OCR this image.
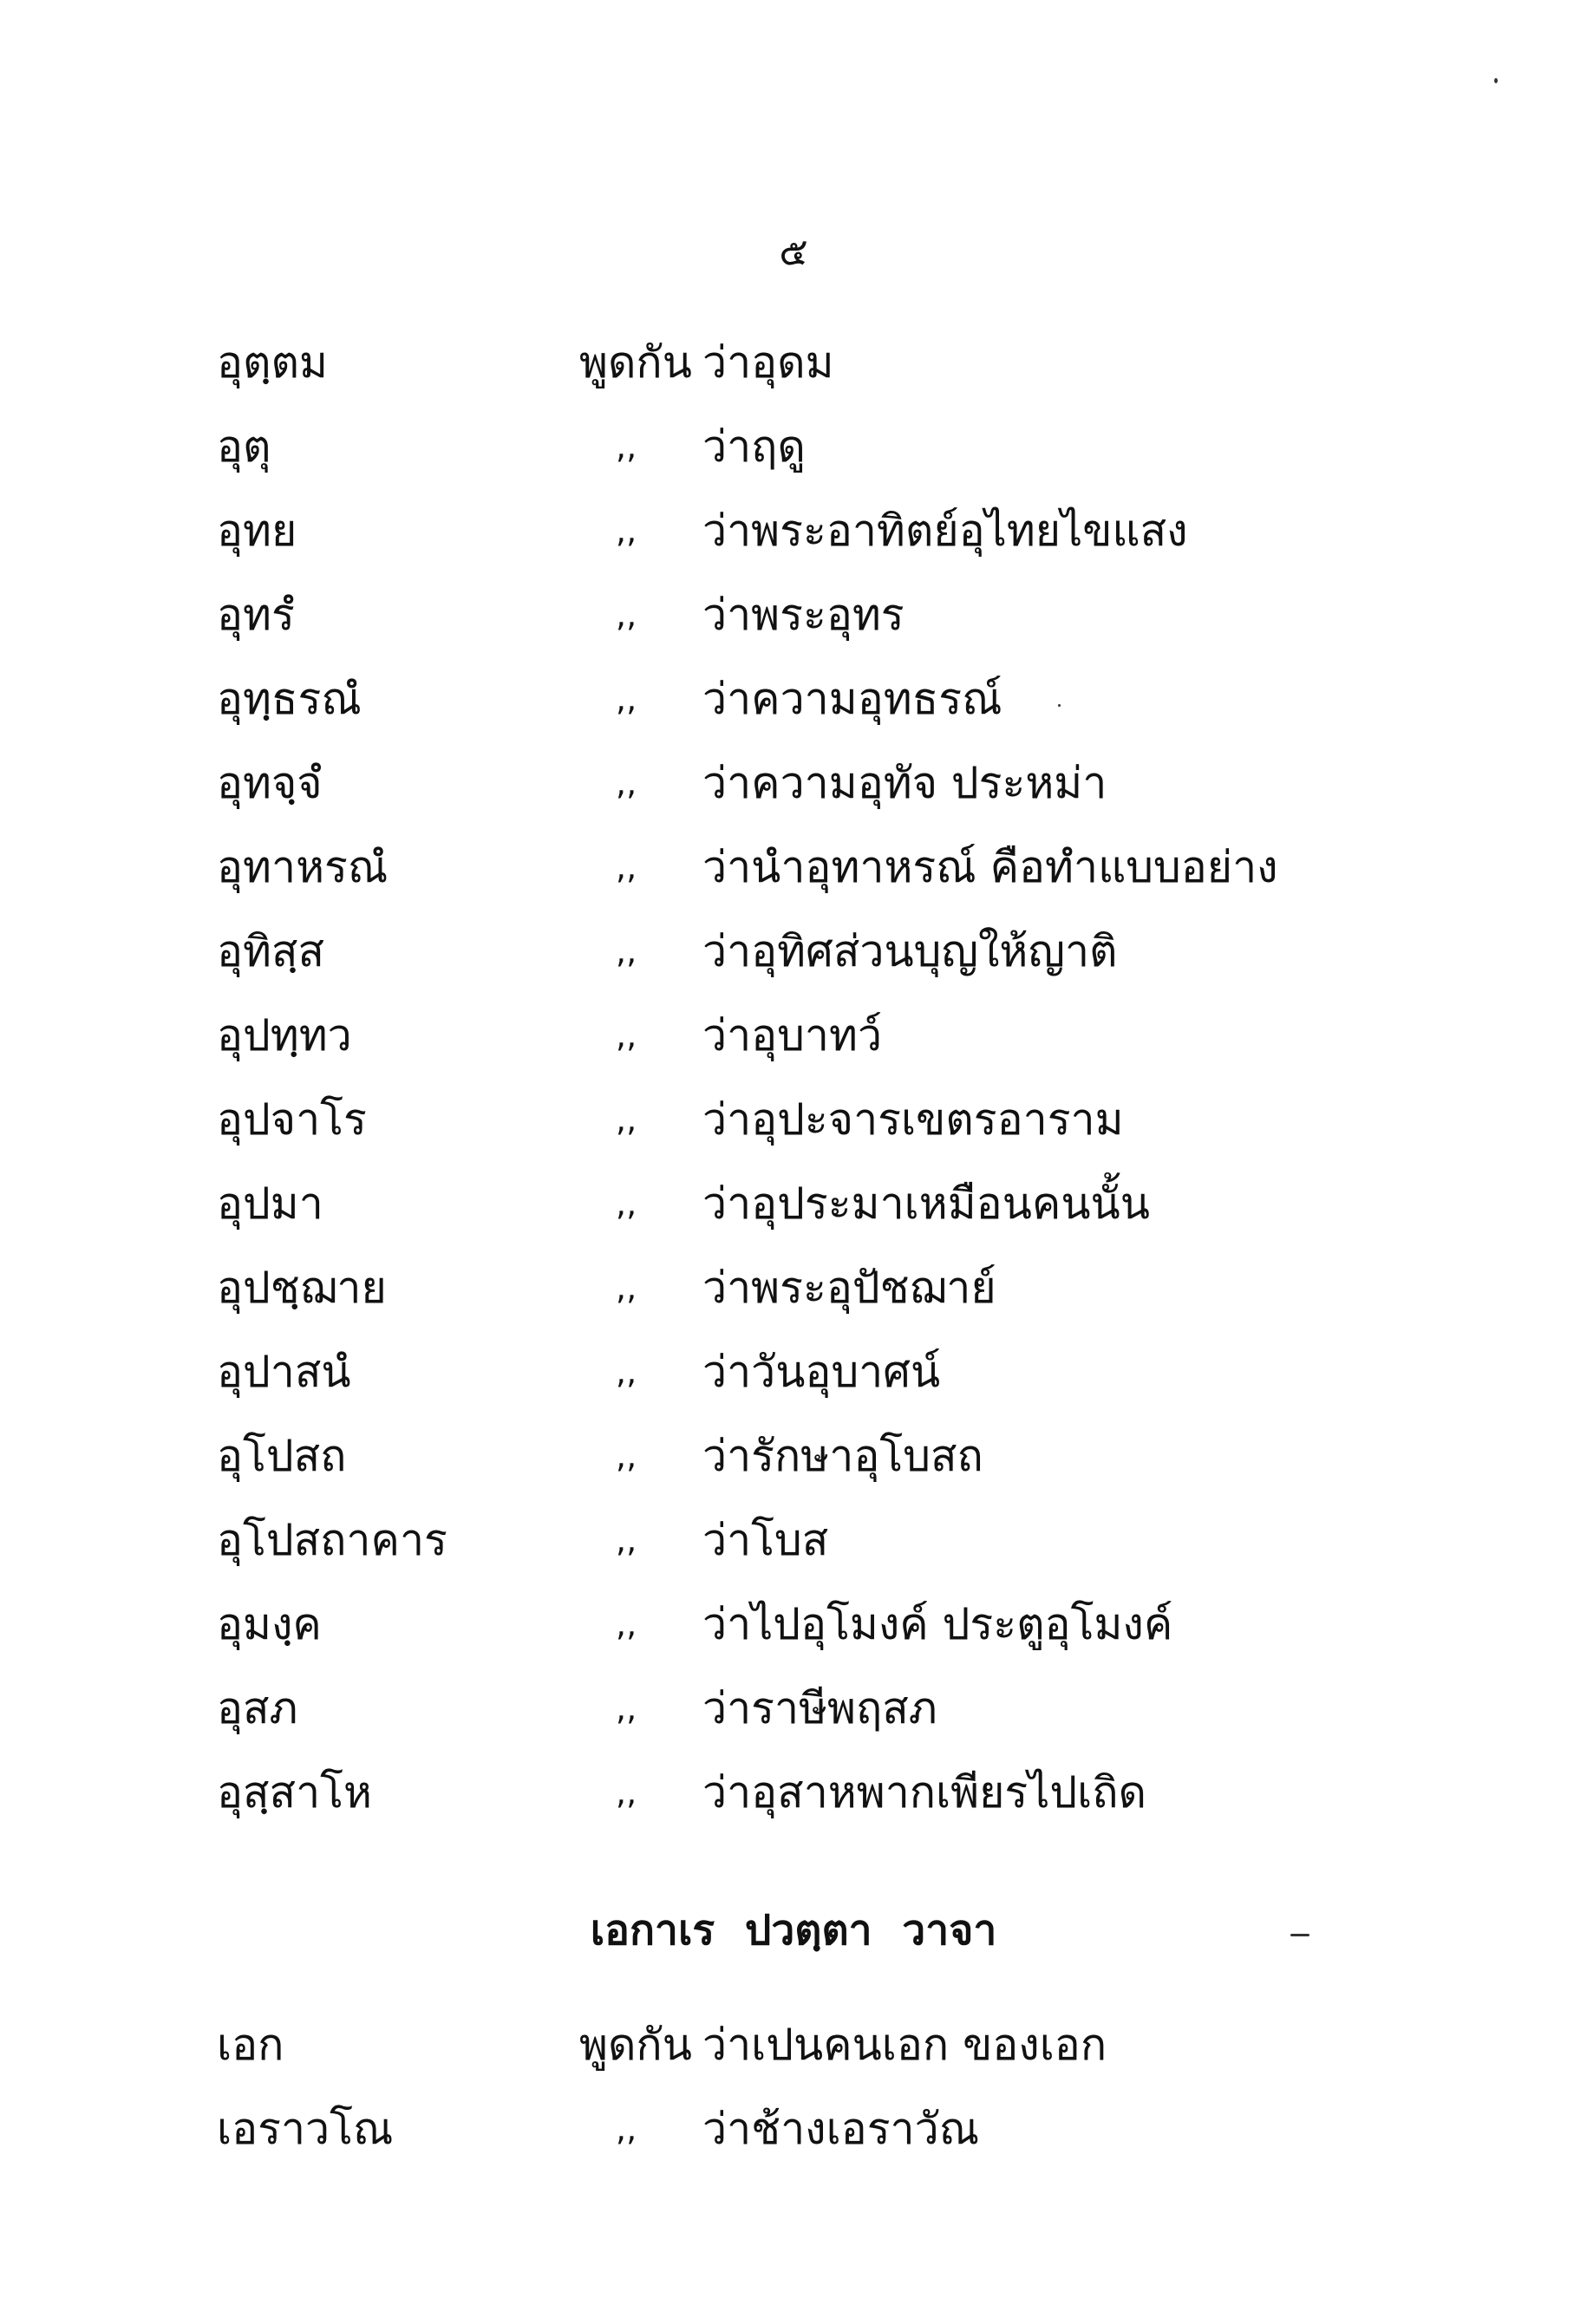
๕
อุตฺตม	พูดกัน ว่าอุดม
อุตุ	,, ว่าฤดู
อุทย	,, ว่าพระอาทิตย์อุไทยไขแสง
อุทรํ	,, ว่าพระอุทร
อุทฺธรณํ	,, ว่าความอุทธรณ์
อุทจฺจํ	,, ว่าความอุทัจ ประหม่า
อุทาหรณํ	,, ว่านำอุทาหรณ์ คือทำแบบอย่าง
อุทิสฺส	,, ว่าอุทิศส่วนบุญให้ญาติ
อุปทฺทว	,, ว่าอุบาทว์
อุปจาโร	,, ว่าอุปะจารเขตรอาราม
อุปมา	,, ว่าอุประมาเหมือนคนนั้น
อุปชฺฌาย	,, ว่าพระอุปัชฌาย์
อุปาสนํ	,, ว่าวันอุบาศน์
อุโปสถ	,, ว่ารักษาอุโบสถ
อุโปสถาคาร	,, ว่าโบส
อุมงฺค	,, ว่าไปอุโมงค์ ประตูอุโมงค์
อุสภ	,, ว่าราษีพฤสภ
อุสฺสาโห	,, ว่าอุสาหพากเพียรไปเถิด
เอกาเร ปวตฺตา วาจา
เอก	พูดกัน ว่าเปนคนเอก ของเอก
เอราวโณ	,, ว่าช้างเอราวัณ
